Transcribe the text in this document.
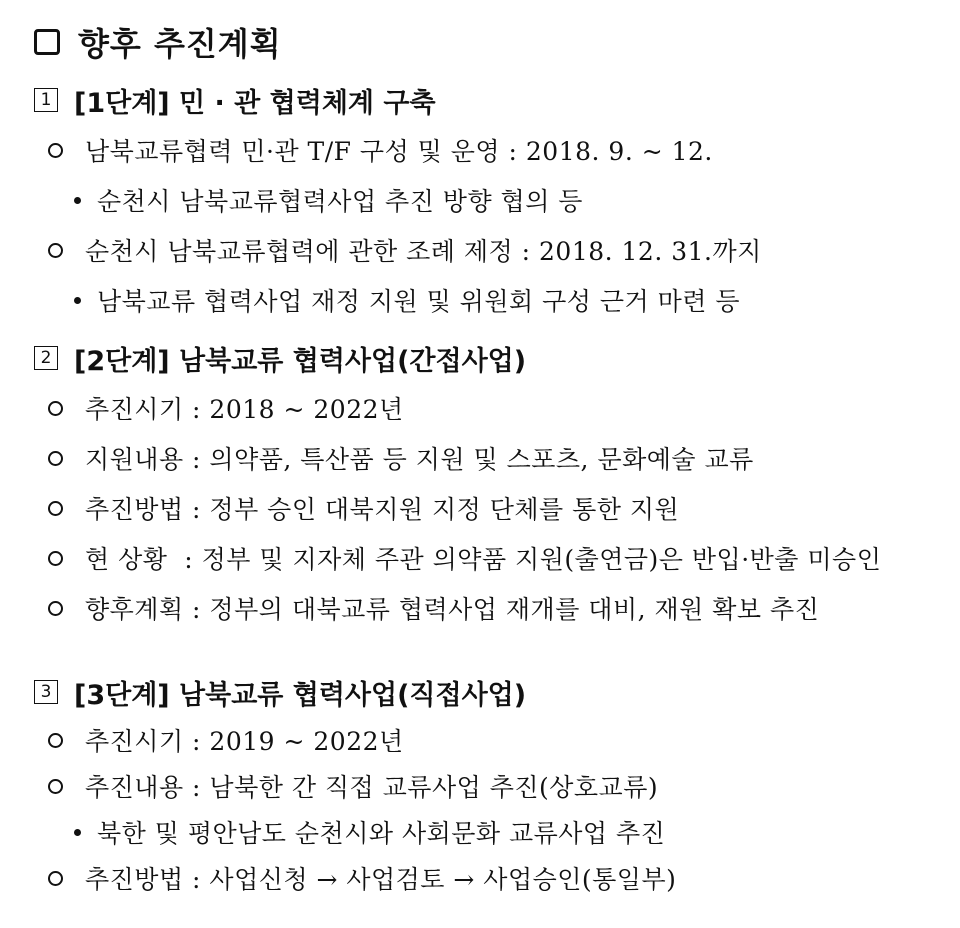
향후 추진계획
1 [1단계] 민 · 관 협력체계 구축
남북교류협력 민·관 T/F 구성 및 운영 : 2018. 9. ~ 12.
순천시 남북교류협력사업 추진 방향 협의 등
순천시 남북교류협력에 관한 조례 제정 : 2018. 12. 31.까지
남북교류 협력사업 재정 지원 및 위원회 구성 근거 마련 등
2 [2단계] 남북교류 협력사업(간접사업)
추진시기 : 2018 ~ 2022년
지원내용 : 의약품, 특산품 등 지원 및 스포츠, 문화예술 교류
추진방법 : 정부 승인 대북지원 지정 단체를 통한 지원
현 상황  : 정부 및 지자체 주관 의약품 지원(출연금)은 반입·반출 미승인
향후계획 : 정부의 대북교류 협력사업 재개를 대비, 재원 확보 추진
3 [3단계] 남북교류 협력사업(직접사업)
추진시기 : 2019 ~ 2022년
추진내용 : 남북한 간 직접 교류사업 추진(상호교류)
북한 및 평안남도 순천시와 사회문화 교류사업 추진
추진방법 : 사업신청 → 사업검토 → 사업승인(통일부)
